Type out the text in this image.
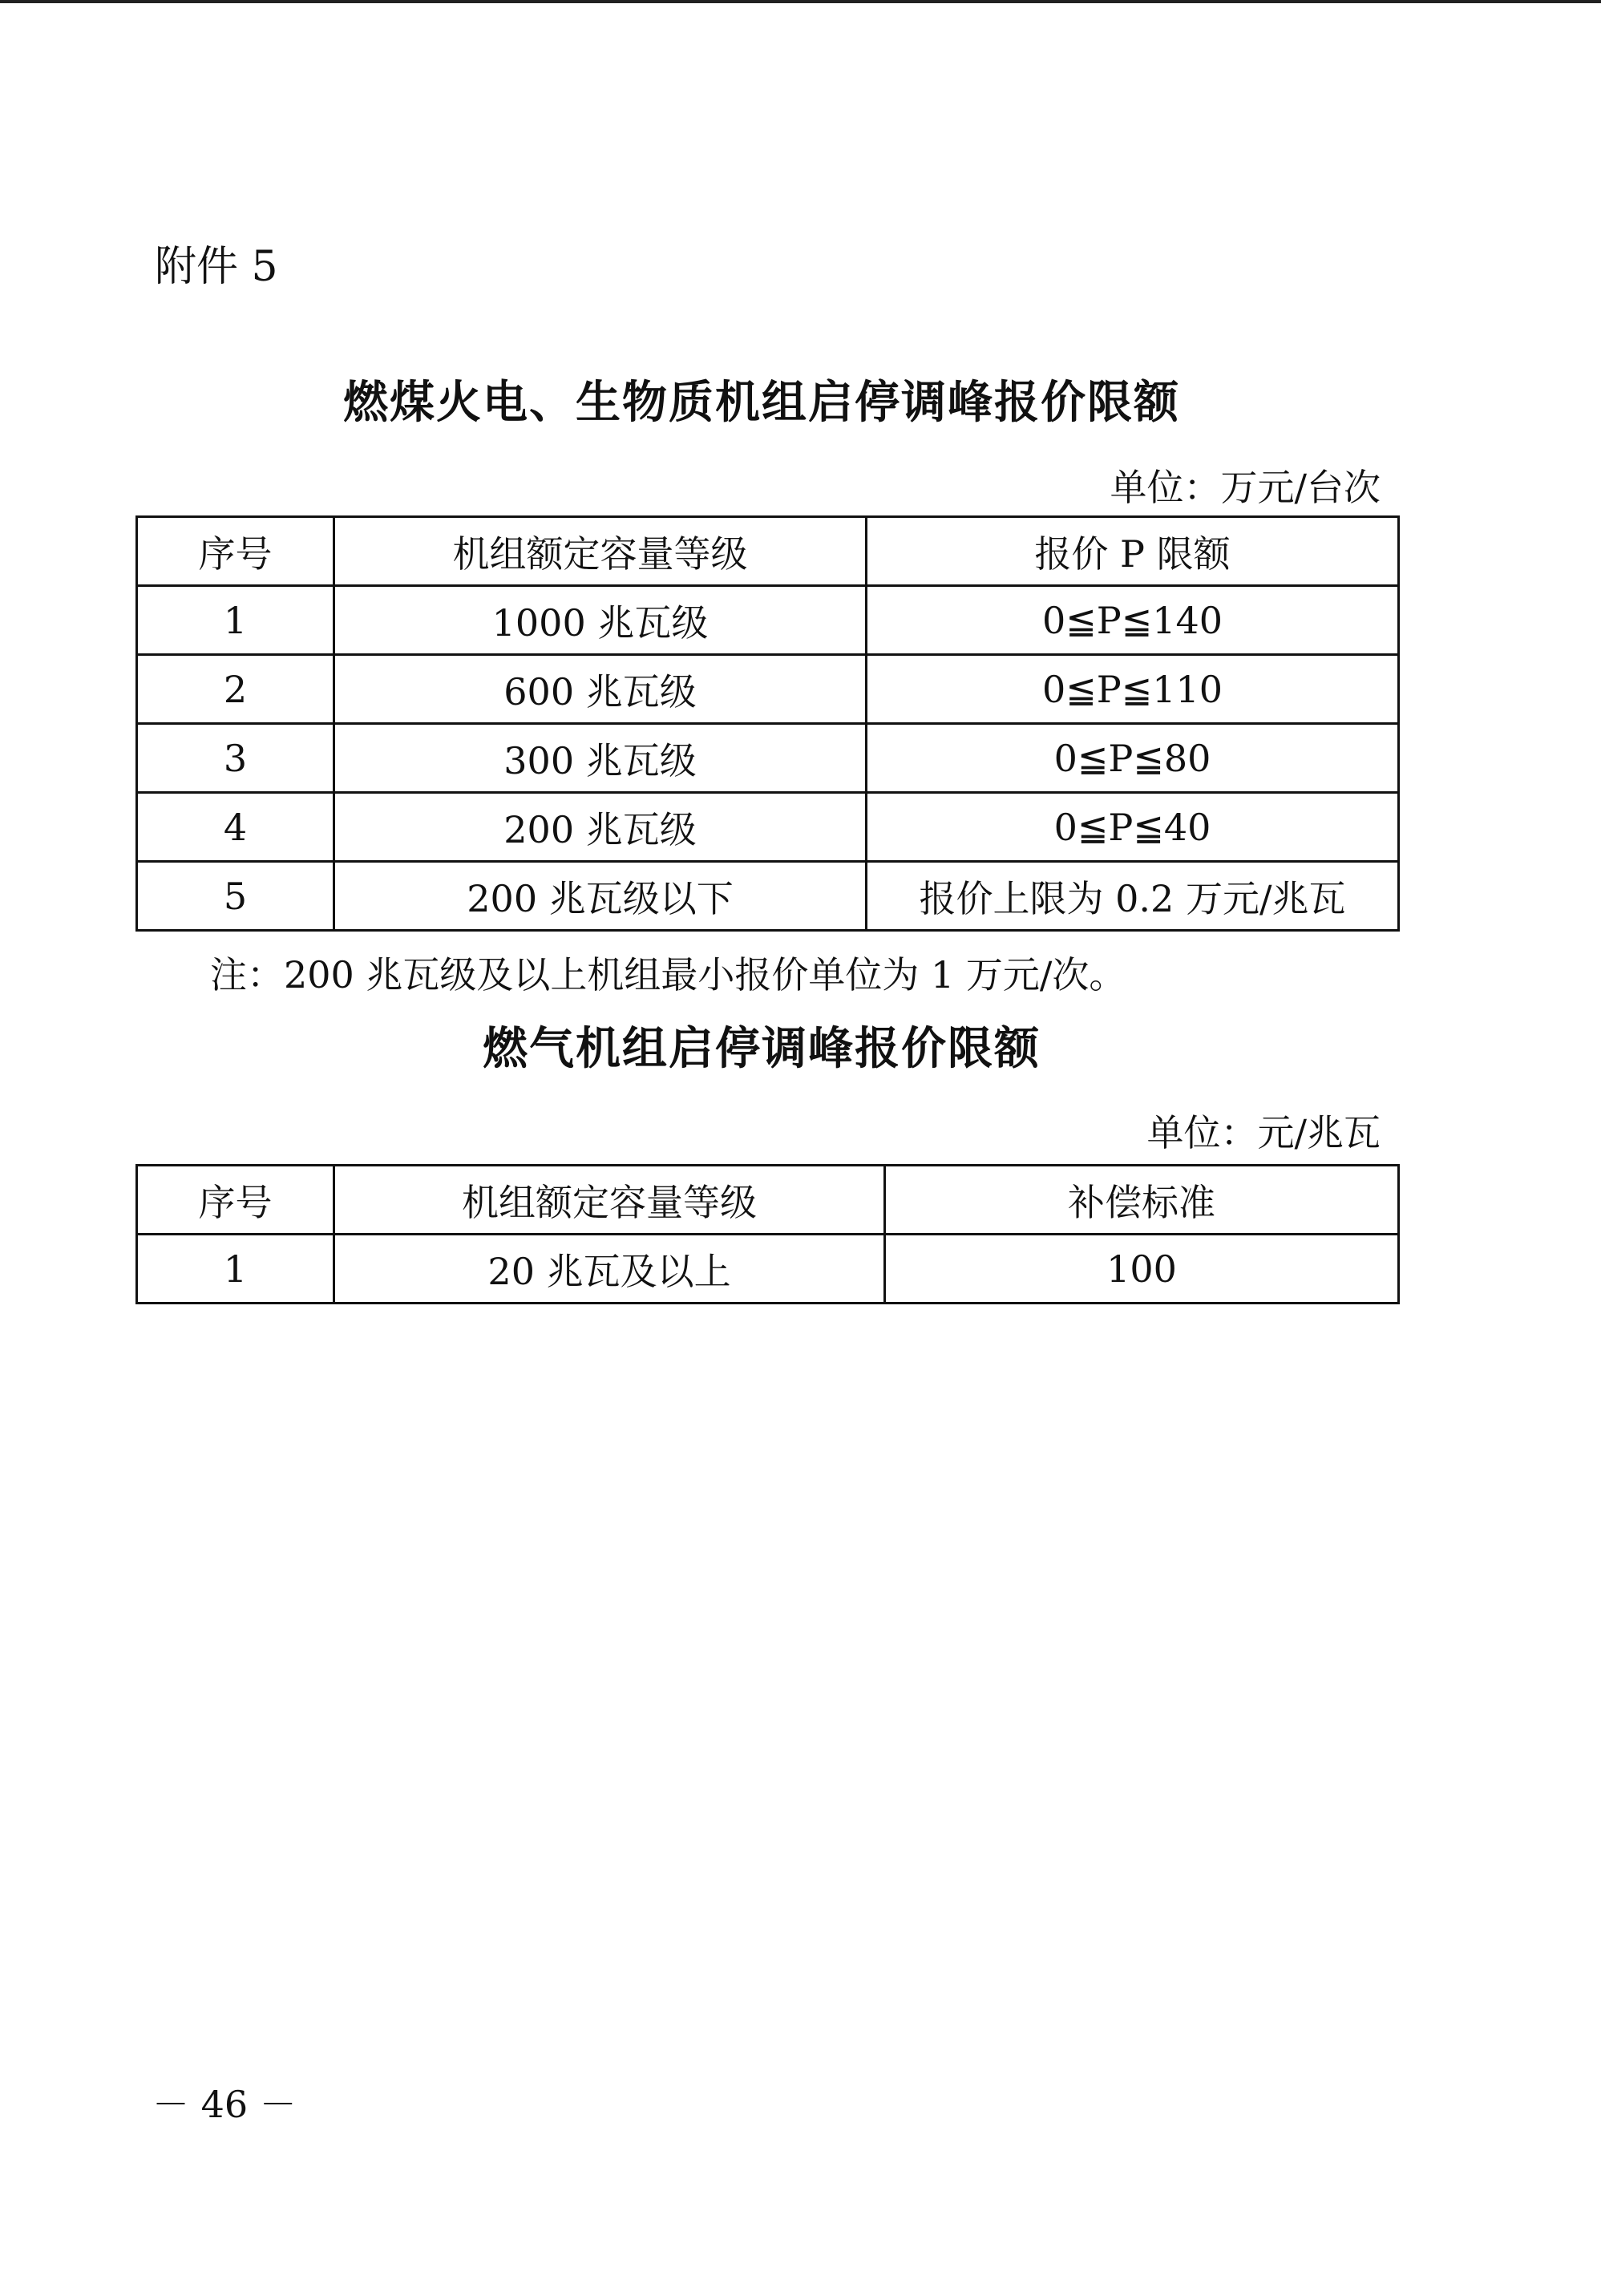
附件 5
燃煤火电、生物质机组启停调峰报价限额
单位：万元/台次
序号	机组额定容量等级	报价 P 限额
1	1000 兆瓦级	0≦P≦140
2	600 兆瓦级	0≦P≦110
3	300 兆瓦级	0≦P≦80
4	200 兆瓦级	0≦P≦40
5	200 兆瓦级以下	报价上限为 0.2 万元/兆瓦
注：200 兆瓦级及以上机组最小报价单位为 1 万元/次。
燃气机组启停调峰报价限额
单位：元/兆瓦
序号	机组额定容量等级	补偿标准
1	20 兆瓦及以上	100
－ 46 －
